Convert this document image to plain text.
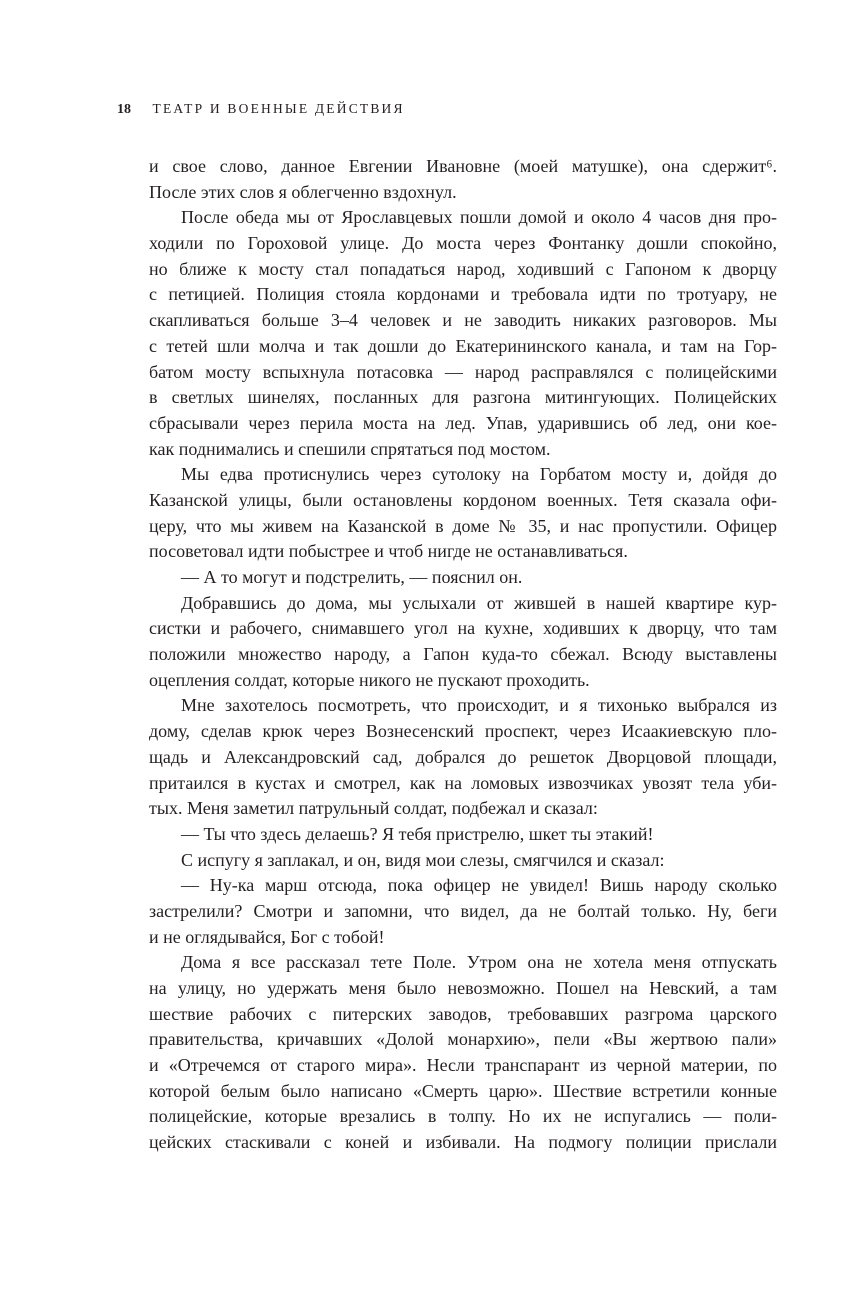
18 ТЕАТР И ВОЕННЫЕ ДЕЙСТВИЯ
и свое слово, данное Евгении Ивановне (моей матушке), она сдержит⁶.
После этих слов я облегченно вздохнул.
После обеда мы от Ярославцевых пошли домой и около 4 часов дня про-
ходили по Гороховой улице. До моста через Фонтанку дошли спокойно,
но ближе к мосту стал попадаться народ, ходивший с Гапоном к дворцу
с петицией. Полиция стояла кордонами и требовала идти по тротуару, не
скапливаться больше 3–4 человек и не заводить никаких разговоров. Мы
с тетей шли молча и так дошли до Екатерининского канала, и там на Гор-
батом мосту вспыхнула потасовка — народ расправлялся с полицейскими
в светлых шинелях, посланных для разгона митингующих. Полицейских
сбрасывали через перила моста на лед. Упав, ударившись об лед, они кое-
как поднимались и спешили спрятаться под мостом.
Мы едва протиснулись через сутолоку на Горбатом мосту и, дойдя до
Казанской улицы, были остановлены кордоном военных. Тетя сказала офи-
церу, что мы живем на Казанской в доме № 35, и нас пропустили. Офицер
посоветовал идти побыстрее и чтоб нигде не останавливаться.
— А то могут и подстрелить, — пояснил он.
Добравшись до дома, мы услыхали от жившей в нашей квартире кур-
систки и рабочего, снимавшего угол на кухне, ходивших к дворцу, что там
положили множество народу, а Гапон куда-то сбежал. Всюду выставлены
оцепления солдат, которые никого не пускают проходить.
Мне захотелось посмотреть, что происходит, и я тихонько выбрался из
дому, сделав крюк через Вознесенский проспект, через Исаакиевскую пло-
щадь и Александровский сад, добрался до решеток Дворцовой площади,
притаился в кустах и смотрел, как на ломовых извозчиках увозят тела уби-
тых. Меня заметил патрульный солдат, подбежал и сказал:
— Ты что здесь делаешь? Я тебя пристрелю, шкет ты этакий!
С испугу я заплакал, и он, видя мои слезы, смягчился и сказал:
— Ну-ка марш отсюда, пока офицер не увидел! Вишь народу сколько
застрелили? Смотри и запомни, что видел, да не болтай только. Ну, беги
и не оглядывайся, Бог с тобой!
Дома я все рассказал тете Поле. Утром она не хотела меня отпускать
на улицу, но удержать меня было невозможно. Пошел на Невский, а там
шествие рабочих с питерских заводов, требовавших разгрома царского
правительства, кричавших «Долой монархию», пели «Вы жертвою пали»
и «Отречемся от старого мира». Несли транспарант из черной материи, по
которой белым было написано «Смерть царю». Шествие встретили конные
полицейские, которые врезались в толпу. Но их не испугались — поли-
цейских стаскивали с коней и избивали. На подмогу полиции прислали
